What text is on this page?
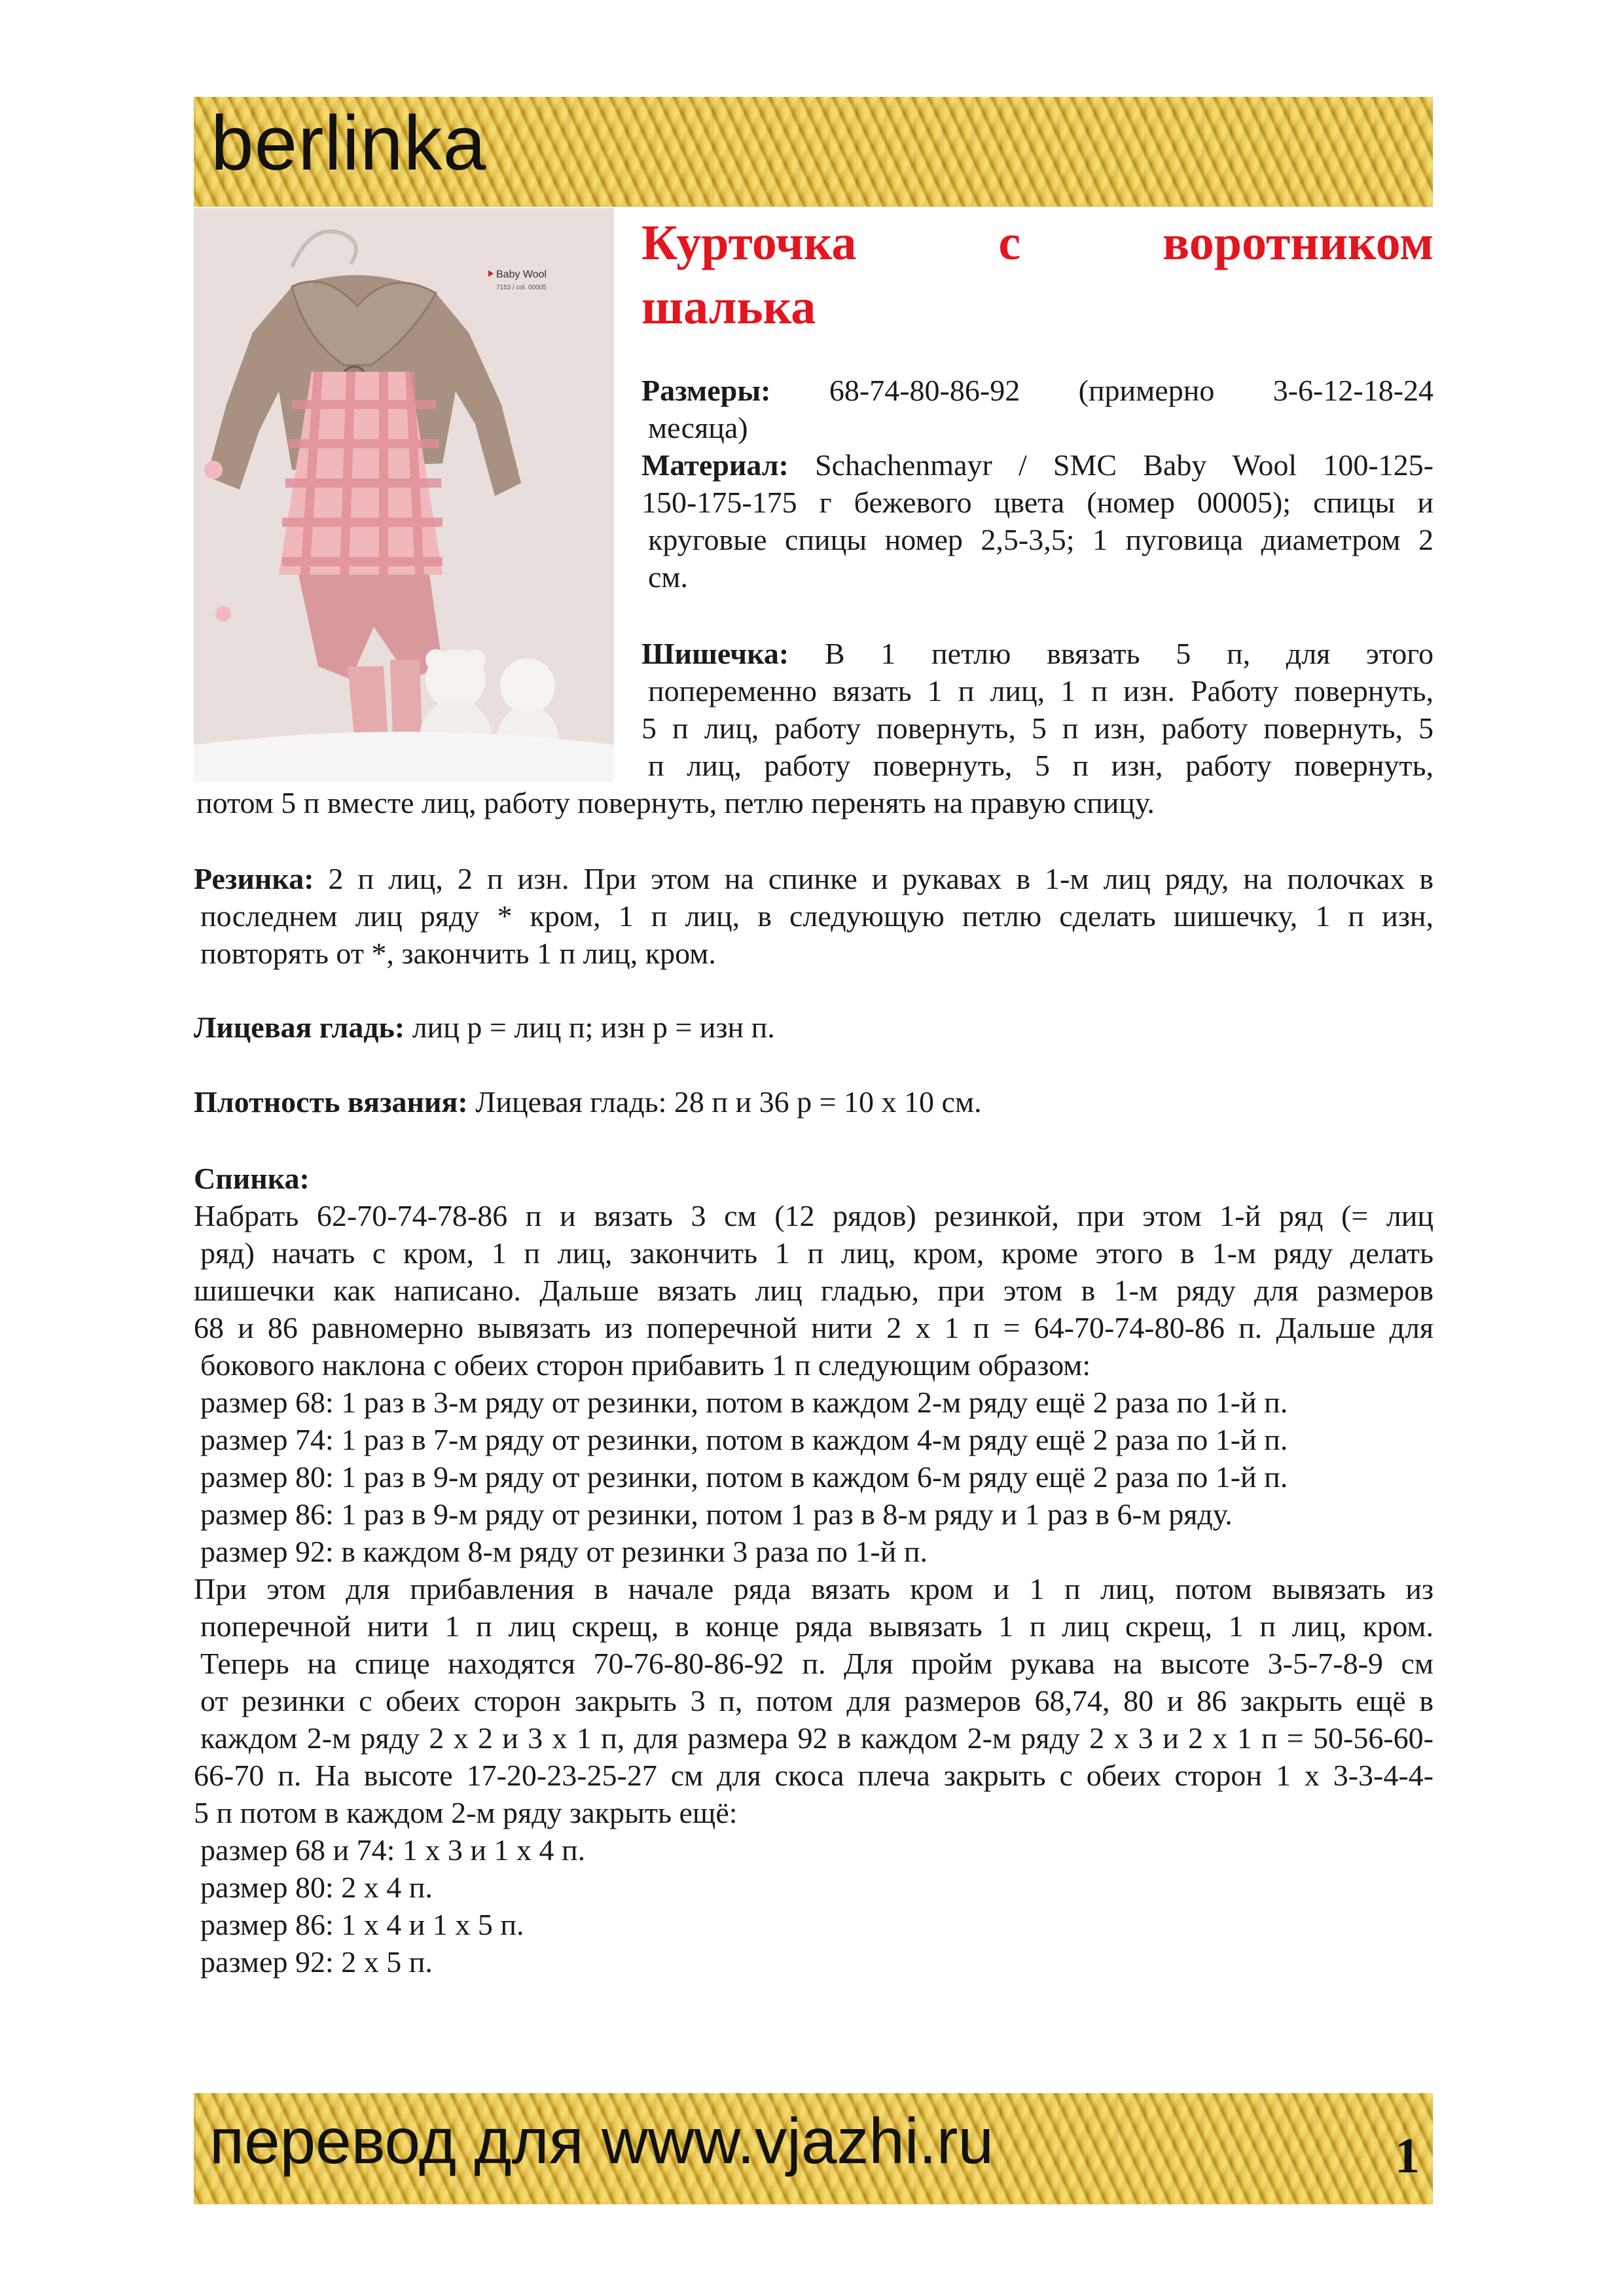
berlinka
Baby Wool
7153 / col. 00005
Курточка	с	воротником
шалька

Размеры: 68-74-80-86-92 (примерно 3-6-12-18-24

месяца)

Материал: Schachenmayr / SMC Baby Wool 100-125-

150-175-175 г бежевого цвета (номер 00005); спицы и

круговые спицы номер 2,5-3,5; 1 пуговица диаметром 2

см.

Шишечка: В 1 петлю ввязать 5 п, для этого

попеременно вязать 1 п лиц, 1 п изн. Работу повернуть,

5 п лиц, работу повернуть, 5 п изн, работу повернуть, 5

п лиц, работу повернуть, 5 п изн, работу повернуть,

потом 5 п вместе лиц, работу повернуть, петлю перенять на правую спицу.

Резинка: 2 п лиц, 2 п изн. При этом на спинке и рукавах в 1-м лиц ряду, на полочках в

последнем лиц ряду * кром, 1 п лиц, в следующую петлю сделать шишечку, 1 п изн,

повторять от *, закончить 1 п лиц, кром.

Лицевая гладь: лиц р = лиц п; изн р = изн п.

Плотность вязания: Лицевая гладь: 28 п и 36 р = 10 x 10 см.

Спинка:

Набрать 62-70-74-78-86 п и вязать 3 см (12 рядов) резинкой, при этом 1-й ряд (= лиц

ряд) начать с кром, 1 п лиц, закончить 1 п лиц, кром, кроме этого в 1-м ряду делать

шишечки как написано. Дальше вязать лиц гладью, при этом в 1-м ряду для размеров

68 и 86 равномерно вывязать из поперечной нити 2 x 1 п = 64-70-74-80-86 п. Дальше для

бокового наклона с обеих сторон прибавить 1 п следующим образом:

размер 68: 1 раз в 3-м ряду от резинки, потом в каждом 2-м ряду ещё 2 раза по 1-й п.

размер 74: 1 раз в 7-м ряду от резинки, потом в каждом 4-м ряду ещё 2 раза по 1-й п.

размер 80: 1 раз в 9-м ряду от резинки, потом в каждом 6-м ряду ещё 2 раза по 1-й п.

размер 86: 1 раз в 9-м ряду от резинки, потом 1 раз в 8-м ряду и 1 раз в 6-м ряду.

размер 92: в каждом 8-м ряду от резинки 3 раза по 1-й п.

При этом для прибавления в начале ряда вязать кром и 1 п лиц, потом вывязать из

поперечной нити 1 п лиц скрещ, в конце ряда вывязать 1 п лиц скрещ, 1 п лиц, кром.

Теперь на спице находятся 70-76-80-86-92 п. Для пройм рукава на высоте 3-5-7-8-9 см

от резинки с обеих сторон закрыть 3 п, потом для размеров 68,74, 80 и 86 закрыть ещё в

каждом 2-м ряду 2 x 2 и 3 x 1 п, для размера 92 в каждом 2-м ряду 2 x 3 и 2 x 1 п = 50-56-60-

66-70 п. На высоте 17-20-23-25-27 см для скоса плеча закрыть с обеих сторон 1 x 3-3-4-4-

5 п потом в каждом 2-м ряду закрыть ещё:

размер 68 и 74: 1 x 3 и 1 x 4 п.

размер 80: 2 x 4 п.

размер 86: 1 x 4 и 1 x 5 п.

размер 92: 2 x 5 п.

перевод для www.vjazhi.ru	1
